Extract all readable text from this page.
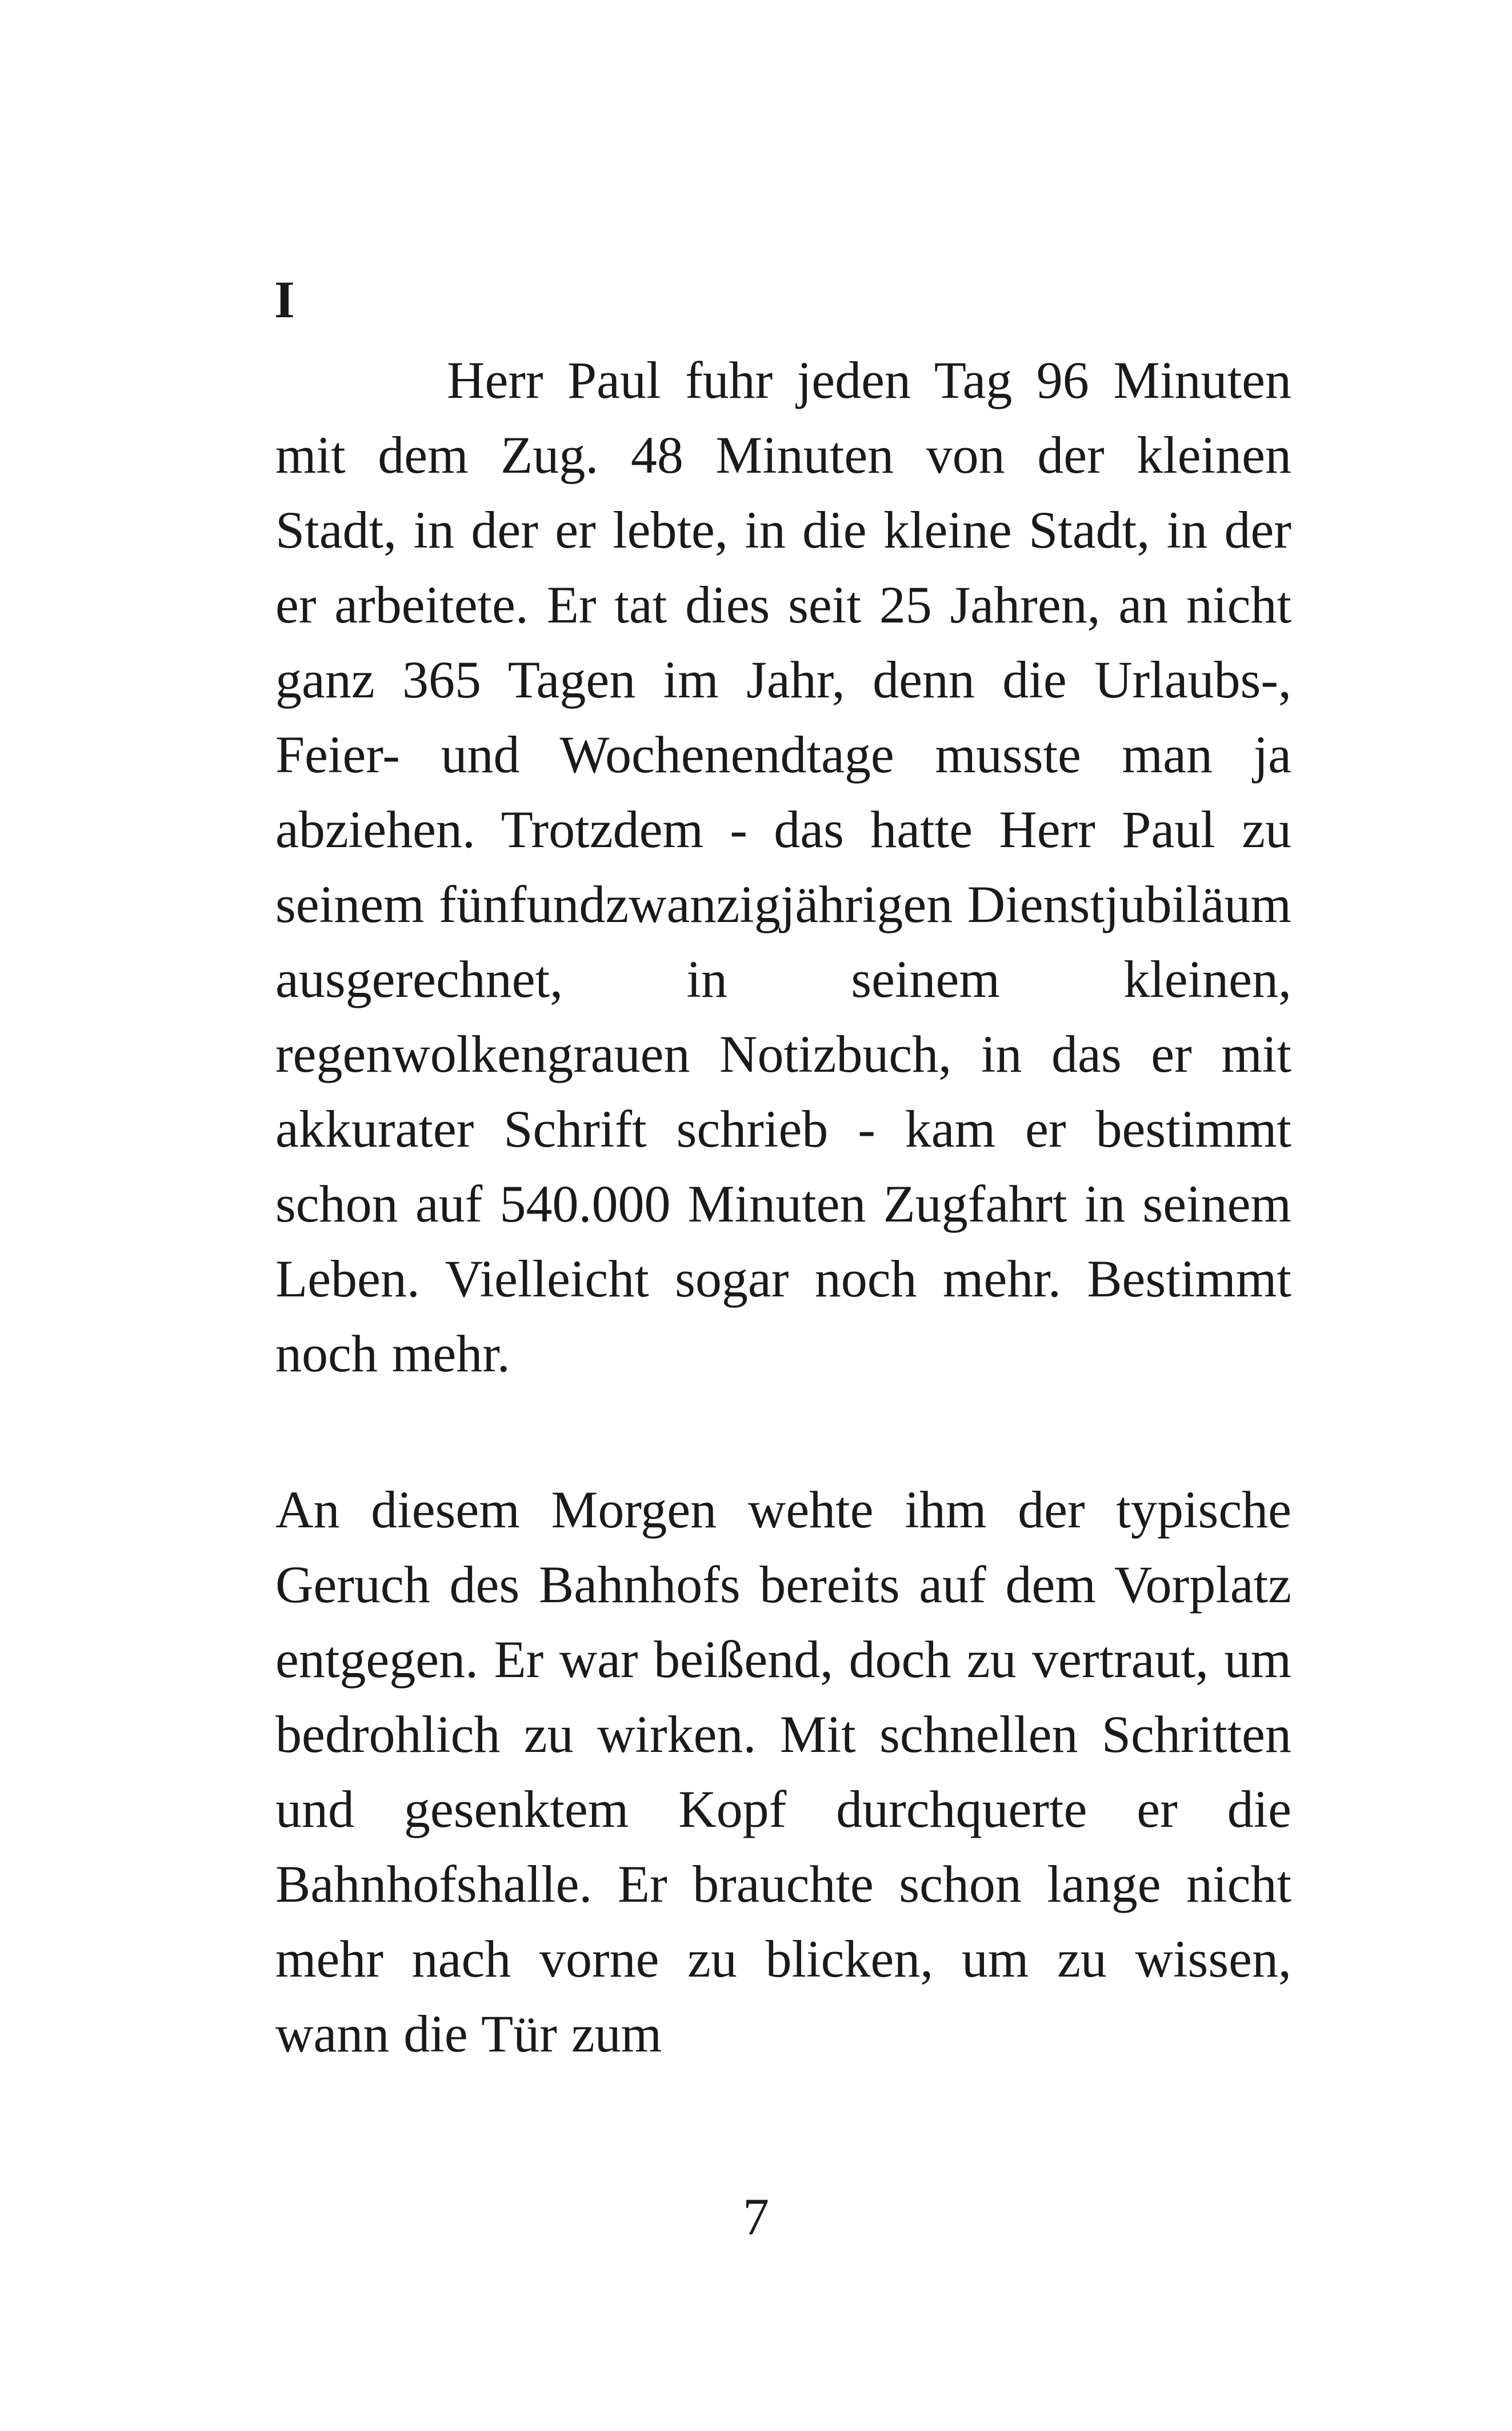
I

Herr Paul fuhr jeden Tag 96 Minuten mit dem Zug. 48 Minuten von der kleinen Stadt, in der er lebte, in die kleine Stadt, in der er arbeitete. Er tat dies seit 25 Jahren, an nicht ganz 365 Tagen im Jahr, denn die Urlaubs-, Feier- und Wochenendtage musste man ja abziehen. Trotzdem - das hatte Herr Paul zu seinem fünfundzwanzigjährigen Dienstjubiläum ausgerechnet, in seinem kleinen, regenwolkengrauen Notizbuch, in das er mit akkurater Schrift schrieb - kam er bestimmt schon auf 540.000 Minuten Zugfahrt in seinem Leben. Vielleicht sogar noch mehr. Bestimmt noch mehr.

An diesem Morgen wehte ihm der typische Geruch des Bahnhofs bereits auf dem Vorplatz entgegen. Er war beißend, doch zu vertraut, um bedrohlich zu wirken. Mit schnellen Schritten und gesenktem Kopf durchquerte er die Bahnhofshalle. Er brauchte schon lange nicht mehr nach vorne zu blicken, um zu wissen, wann die Tür zum

7
